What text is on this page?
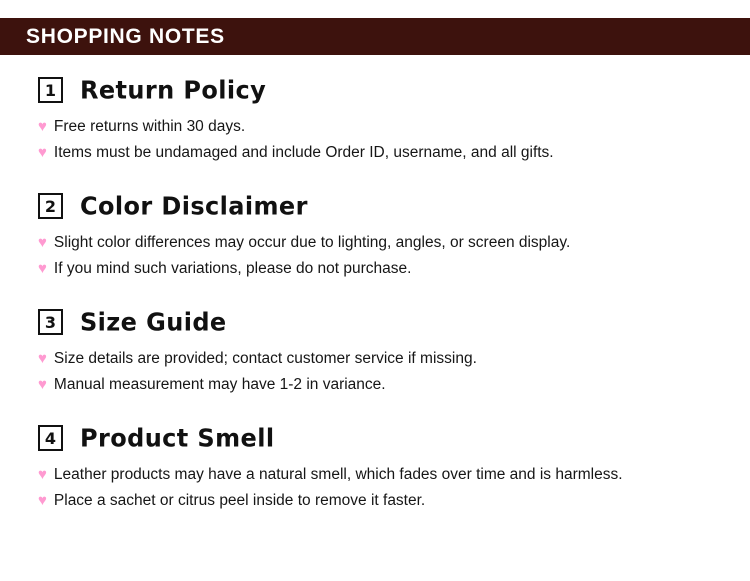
SHOPPING NOTES
1 Return Policy
♥ Free returns within 30 days.
♥ Items must be undamaged and include Order ID, username, and all gifts.
2 Color Disclaimer
♥ Slight color differences may occur due to lighting, angles, or screen display.
♥ If you mind such variations, please do not purchase.
3 Size Guide
♥ Size details are provided; contact customer service if missing.
♥ Manual measurement may have 1-2 in variance.
4 Product Smell
♥ Leather products may have a natural smell, which fades over time and is harmless.
♥ Place a sachet or citrus peel inside to remove it faster.
